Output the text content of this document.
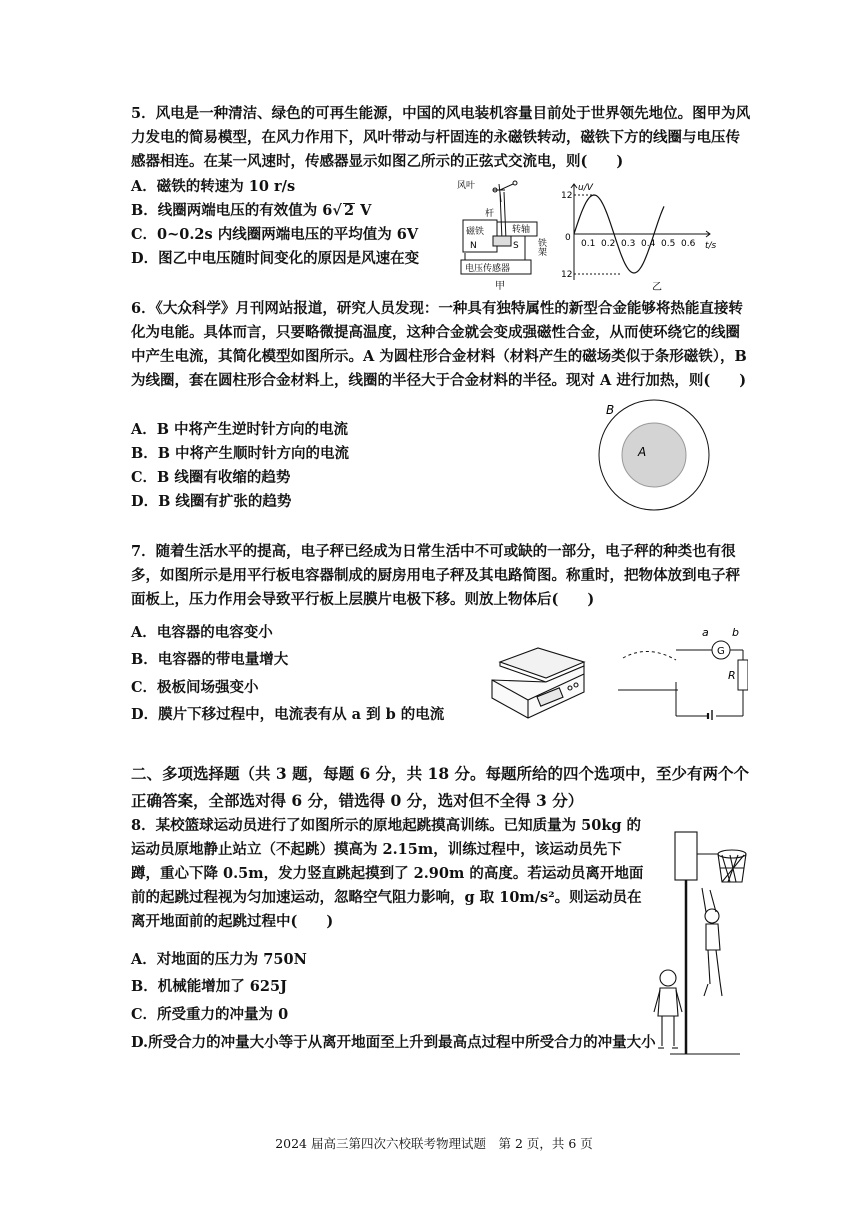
5．风电是一种清洁、绿色的可再生能源，中国的风电装机容量目前处于世界领先地位。图甲为风力发电的简易模型，在风力作用下，风叶带动与杆固连的永磁铁转动，磁铁下方的线圈与电压传感器相连。在某一风速时，传感器显示如图乙所示的正弦式交流电，则(　　)
A．磁铁的转速为 10 r/s
B．线圈两端电压的有效值为 6√ 2 V
C．0~0.2s 内线圈两端电压的平均值为 6V
D．图乙中电压随时间变化的原因是风速在变
风叶
杆
转轴
磁铁
N	S 铁架
电压传感器
甲
u/V
t/s
12
12
0
0.1 0.2 0.3 0.4 0.5 0.6
乙
6．《大众科学》月刊网站报道，研究人员发现：一种具有独特属性的新型合金能够将热能直接转化为电能。具体而言，只要略微提高温度，这种合金就会变成强磁性合金，从而使环绕它的线圈中产生电流，其简化模型如图所示。A 为圆柱形合金材料（材料产生的磁场类似于条形磁铁），B 为线圈，套在圆柱形合金材料上，线圈的半径大于合金材料的半径。现对 A 进行加热，则(　　)
A．B 中将产生逆时针方向的电流
B．B 中将产生顺时针方向的电流
C．B 线圈有收缩的趋势
D．B 线圈有扩张的趋势
B
A
7．随着生活水平的提高，电子秤已经成为日常生活中不可或缺的一部分，电子秤的种类也有很多，如图所示是用平行板电容器制成的厨房用电子秤及其电路简图。称重时，把物体放到电子秤面板上，压力作用会导致平行板上层膜片电极下移。则放上物体后(　　)
A．电容器的电容变小
B．电容器的带电量增大
C．极板间场强变小
D．膜片下移过程中，电流表有从 a 到 b 的电流
a b
G
R
二、多项选择题（共 3 题，每题 6 分，共 18 分。每题所给的四个选项中，至少有两个个正确答案，全部选对得 6 分，错选得 0 分，选对但不全得 3 分）
8．某校篮球运动员进行了如图所示的原地起跳摸高训练。已知质量为 50kg 的运动员原地静止站立（不起跳）摸高为 2.15m，训练过程中，该运动员先下蹲，重心下降 0.5m，发力竖直跳起摸到了 2.90m 的高度。若运动员离开地面前的起跳过程视为匀加速运动，忽略空气阻力影响，g 取 10m/s²。则运动员在离开地面前的起跳过程中(　　)
A．对地面的压力为 750N
B．机械能增加了 625J
C．所受重力的冲量为 0
D.所受合力的冲量大小等于从离开地面至上升到最高点过程中所受合力的冲量大小
2024 届高三第四次六校联考物理试题　第 2 页，共 6 页
